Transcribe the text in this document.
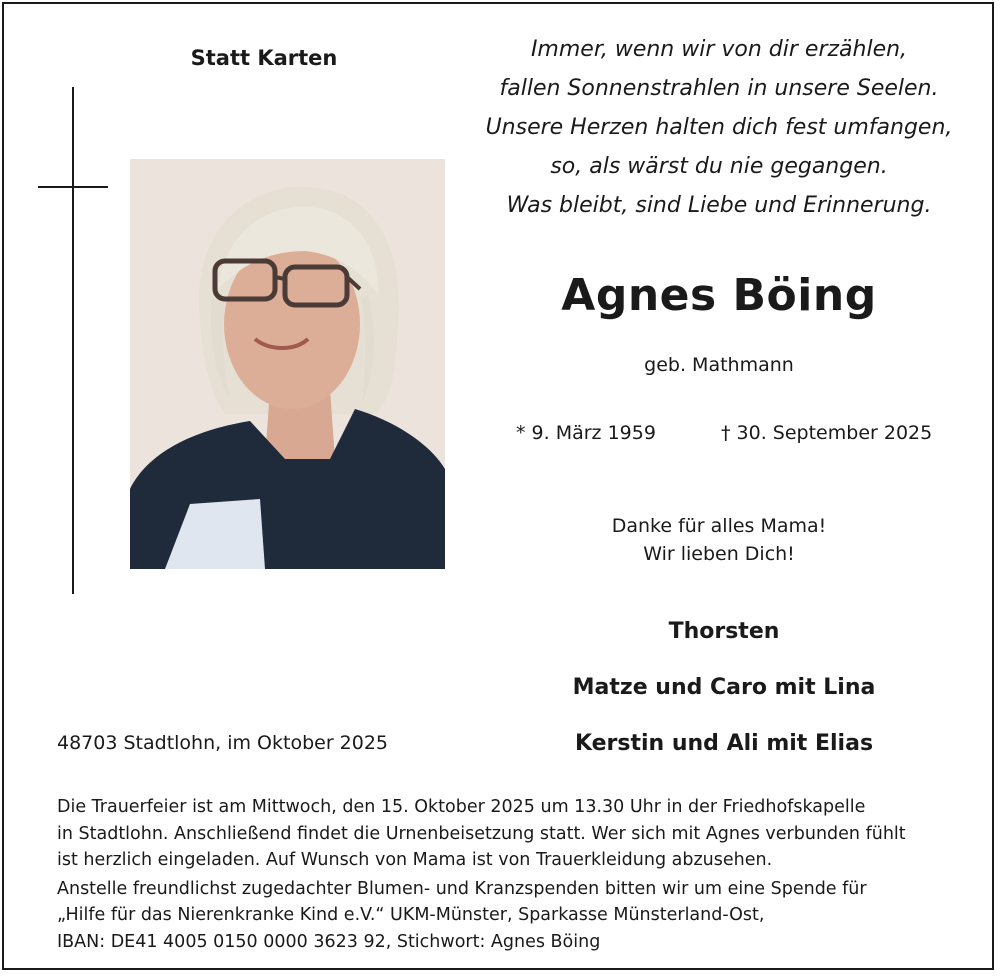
Statt Karten	Immer, wenn wir von dir erzählen,
fallen Sonnenstrahlen in unsere Seelen.
Unsere Herzen halten dich fest umfangen,
so, als wärst du nie gegangen.
Was bleibt, sind Liebe und Erinnerung.
Agnes Böing
geb. Mathmann
* 9. März 1959	† 30. September 2025
Danke für alles Mama!
Wir lieben Dich!
Thorsten
Matze und Caro mit Lina
Kerstin und Ali mit Elias
48703 Stadtlohn, im Oktober 2025
Die Trauerfeier ist am Mittwoch, den 15. Oktober 2025 um 13.30 Uhr in der Friedhofskapelle
in Stadtlohn. Anschließend findet die Urnenbeisetzung statt. Wer sich mit Agnes verbunden fühlt
ist herzlich eingeladen. Auf Wunsch von Mama ist von Trauerkleidung abzusehen.
Anstelle freundlichst zugedachter Blumen- und Kranzspenden bitten wir um eine Spende für
„Hilfe für das Nierenkranke Kind e.V.“ UKM-Münster, Sparkasse Münsterland-Ost,
IBAN: DE41 4005 0150 0000 3623 92, Stichwort: Agnes Böing
